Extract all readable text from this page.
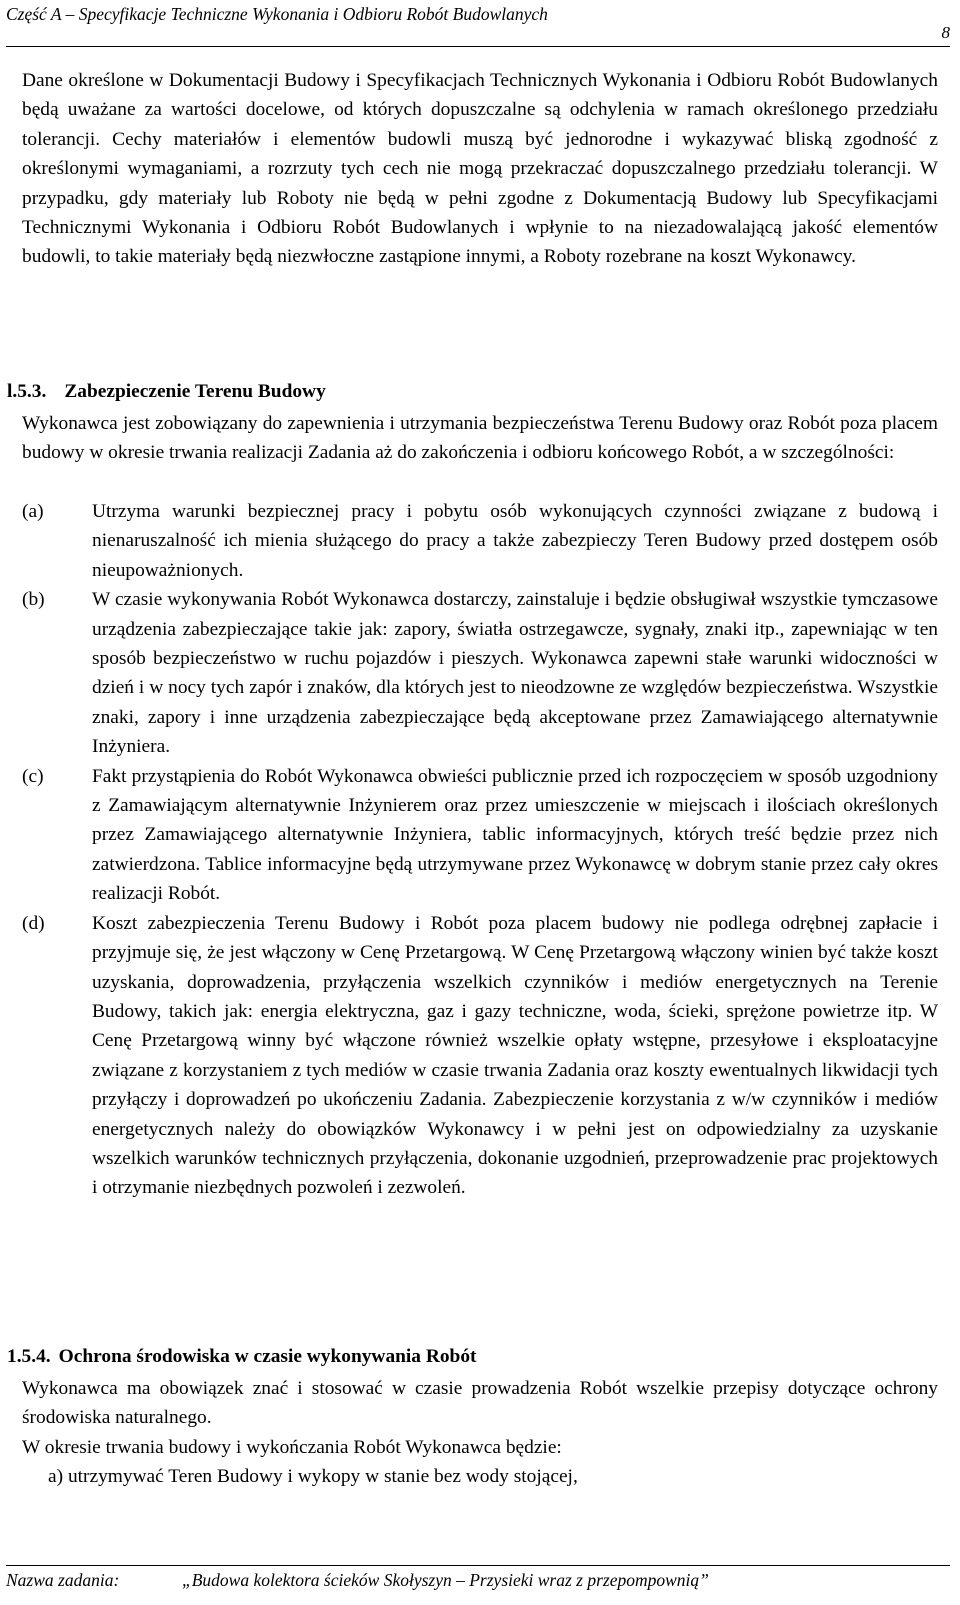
Część A – Specyfikacje Techniczne Wykonania i Odbioru Robót Budowlanych
8

Dane określone w Dokumentacji Budowy i Specyfikacjach Technicznych Wykonania i Odbioru Robót Budowlanych będą uważane za wartości docelowe, od których dopuszczalne są odchylenia w ramach określonego przedziału tolerancji. Cechy materiałów i elementów budowli muszą być jednorodne i wykazywać bliską zgodność z określonymi wymaganiami, a rozrzuty tych cech nie mogą przekraczać dopuszczalnego przedziału tolerancji. W przypadku, gdy materiały lub Roboty nie będą w pełni zgodne z Dokumentacją Budowy lub Specyfikacjami Technicznymi Wykonania i Odbioru Robót Budowlanych i wpłynie to na niezadowalającą jakość elementów budowli, to takie materiały będą niezwłoczne zastąpione innymi, a Roboty rozebrane na koszt Wykonawcy.

l.5.3. Zabezpieczenie Terenu Budowy

Wykonawca jest zobowiązany do zapewnienia i utrzymania bezpieczeństwa Terenu Budowy oraz Robót poza placem budowy w okresie trwania realizacji Zadania aż do zakończenia i odbioru końcowego Robót, a w szczególności:

(a) Utrzyma warunki bezpiecznej pracy i pobytu osób wykonujących czynności związane z budową i nienaruszalność ich mienia służącego do pracy a także zabezpieczy Teren Budowy przed dostępem osób nieupoważnionych.

(b) W czasie wykonywania Robót Wykonawca dostarczy, zainstaluje i będzie obsługiwał wszystkie tymczasowe urządzenia zabezpieczające takie jak: zapory, światła ostrzegawcze, sygnały, znaki itp., zapewniając w ten sposób bezpieczeństwo w ruchu pojazdów i pieszych. Wykonawca zapewni stałe warunki widoczności w dzień i w nocy tych zapór i znaków, dla których jest to nieodzowne ze względów bezpieczeństwa. Wszystkie znaki, zapory i inne urządzenia zabezpieczające będą akceptowane przez Zamawiającego alternatywnie Inżyniera.

(c) Fakt przystąpienia do Robót Wykonawca obwieści publicznie przed ich rozpoczęciem w sposób uzgodniony z Zamawiającym alternatywnie Inżynierem oraz przez umieszczenie w miejscach i ilościach określonych przez Zamawiającego alternatywnie Inżyniera, tablic informacyjnych, których treść będzie przez nich zatwierdzona. Tablice informacyjne będą utrzymywane przez Wykonawcę w dobrym stanie przez cały okres realizacji Robót.

(d) Koszt zabezpieczenia Terenu Budowy i Robót poza placem budowy nie podlega odrębnej zapłacie i przyjmuje się, że jest włączony w Cenę Przetargową. W Cenę Przetargową włączony winien być także koszt uzyskania, doprowadzenia, przyłączenia wszelkich czynników i mediów energetycznych na Terenie Budowy, takich jak: energia elektryczna, gaz i gazy techniczne, woda, ścieki, sprężone powietrze itp. W Cenę Przetargową winny być włączone również wszelkie opłaty wstępne, przesyłowe i eksploatacyjne związane z korzystaniem z tych mediów w czasie trwania Zadania oraz koszty ewentualnych likwidacji tych przyłączy i doprowadzeń po ukończeniu Zadania. Zabezpieczenie korzystania z w/w czynników i mediów energetycznych należy do obowiązków Wykonawcy i w pełni jest on odpowiedzialny za uzyskanie wszelkich warunków technicznych przyłączenia, dokonanie uzgodnień, przeprowadzenie prac projektowych i otrzymanie niezbędnych pozwoleń i zezwoleń.

1.5.4. Ochrona środowiska w czasie wykonywania Robót

Wykonawca ma obowiązek znać i stosować w czasie prowadzenia Robót wszelkie przepisy dotyczące ochrony środowiska naturalnego.

W okresie trwania budowy i wykończania Robót Wykonawca będzie:

a) utrzymywać Teren Budowy i wykopy w stanie bez wody stojącej,

Nazwa zadania:	„Budowa kolektora ścieków Skołyszyn – Przysieki wraz z przepompownią”
